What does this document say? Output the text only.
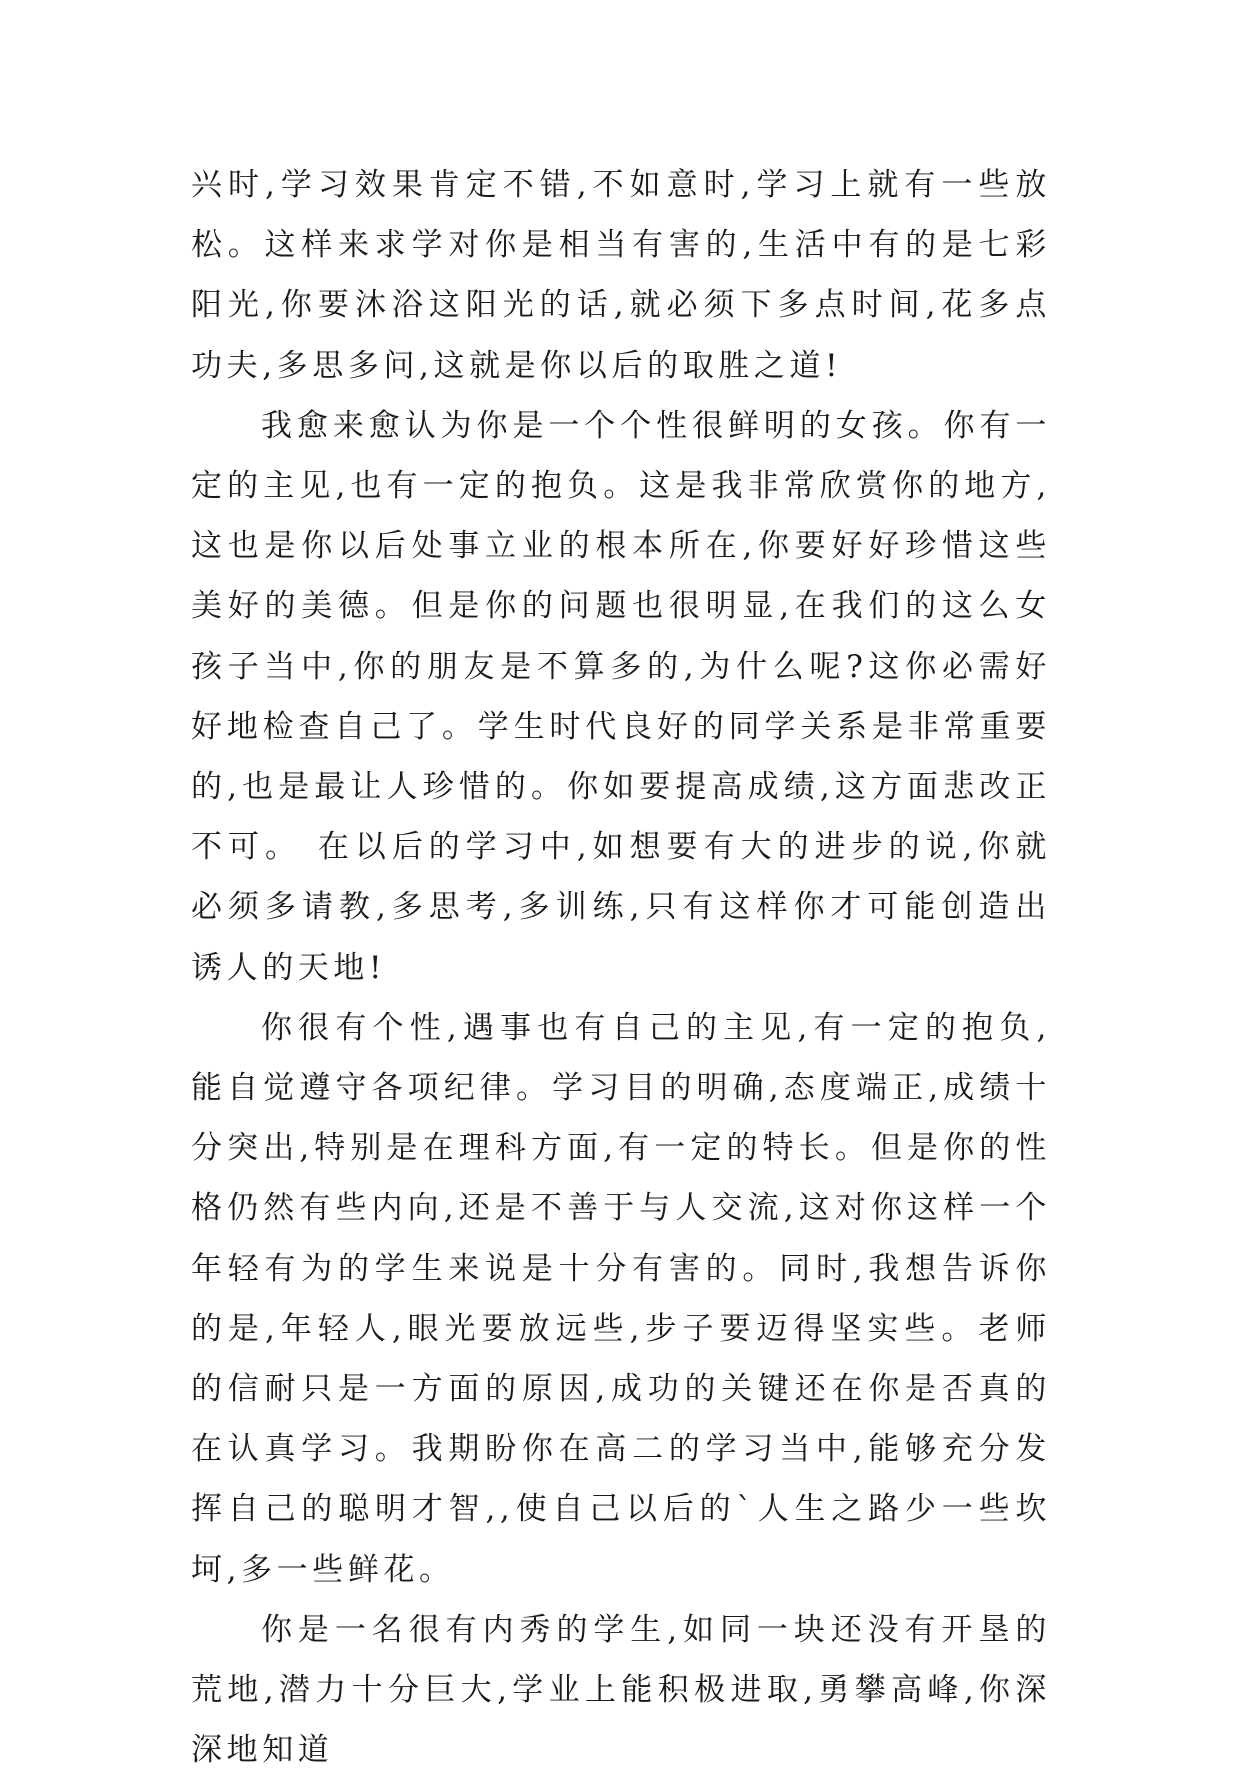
兴时,学习效果肯定不错,不如意时,学习上就有一些放松。这样来求学对你是相当有害的,生活中有的是七彩阳光,你要沐浴这阳光的话,就必须下多点时间,花多点功夫,多思多问,这就是你以后的取胜之道!

我愈来愈认为你是一个个性很鲜明的女孩。你有一定的主见,也有一定的抱负。这是我非常欣赏你的地方,这也是你以后处事立业的根本所在,你要好好珍惜这些美好的美德。但是你的问题也很明显,在我们的这么女孩子当中,你的朋友是不算多的,为什么呢?这你必需好好地检查自己了。学生时代良好的同学关系是非常重要的,也是最让人珍惜的。你如要提高成绩,这方面悲改正不可。 在以后的学习中,如想要有大的进步的说,你就必须多请教,多思考,多训练,只有这样你才可能创造出诱人的天地!

你很有个性,遇事也有自己的主见,有一定的抱负,能自觉遵守各项纪律。学习目的明确,态度端正,成绩十分突出,特别是在理科方面,有一定的特长。但是你的性格仍然有些内向,还是不善于与人交流,这对你这样一个年轻有为的学生来说是十分有害的。同时,我想告诉你的是,年轻人,眼光要放远些,步子要迈得坚实些。老师的信耐只是一方面的原因,成功的关键还在你是否真的在认真学习。我期盼你在高二的学习当中,能够充分发挥自己的聪明才智,,使自己以后的`人生之路少一些坎坷,多一些鲜花。

你是一名很有内秀的学生,如同一块还没有开垦的荒地,潜力十分巨大,学业上能积极进取,勇攀高峰,你深深地知道
